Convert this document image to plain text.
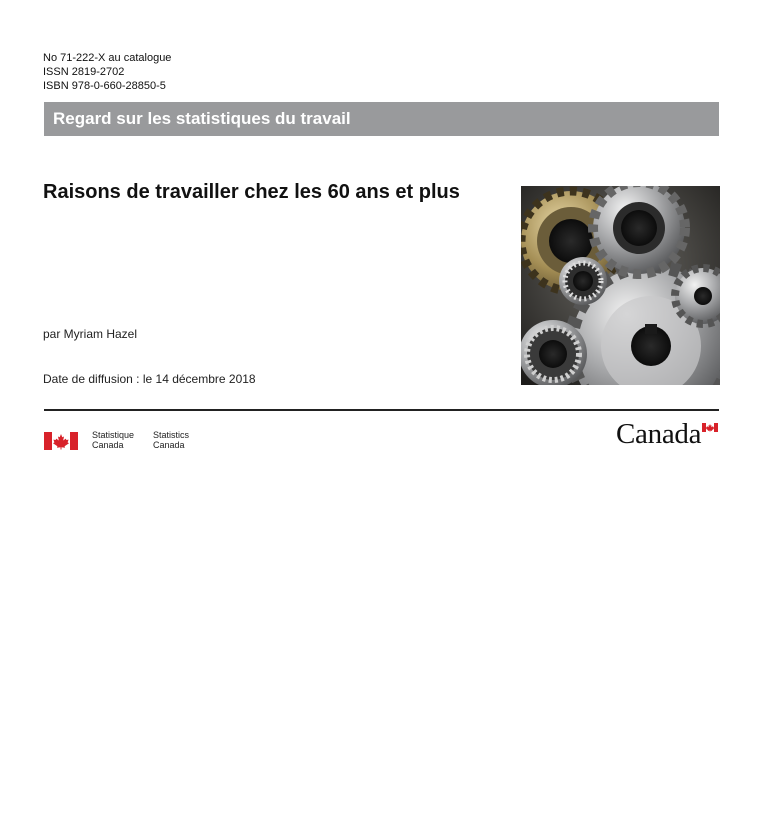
No 71-222-X au catalogue
ISSN 2819-2702
ISBN 978-0-660-28850-5
Regard sur les statistiques du travail
Raisons de travailler chez les 60 ans et plus
par Myriam Hazel
Date de diffusion : le 14 décembre 2018
Statistique
Canada
Statistics
Canada	Canada
